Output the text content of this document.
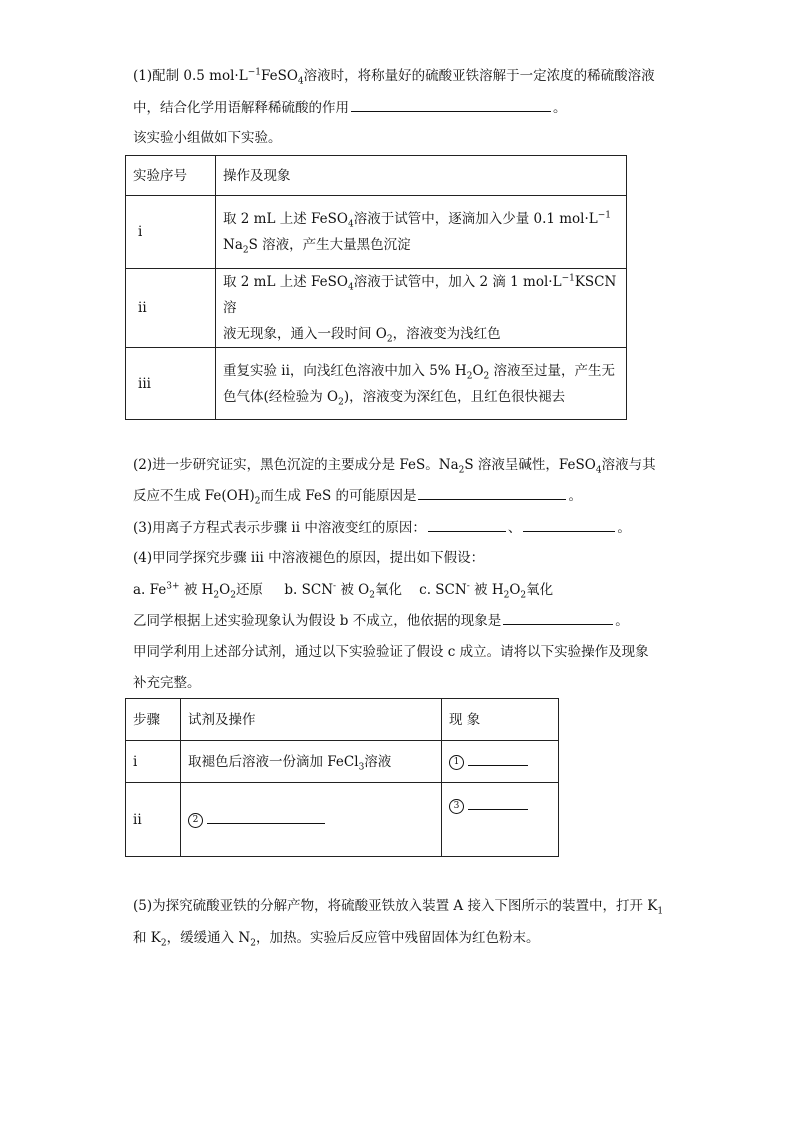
(1)配制 0.5 $mol\cdot L^{-1}FeSO_4$溶液时，将称量好的硫酸亚铁溶解于一定浓度的稀硫酸溶液
中，结合化学用语解释稀硫酸的作用	。
该实验小组做如下实验。
实验序号	操作及现象
i	取 2 mL 上述 FeSO$_4$溶液于试管中，逐滴加入少量 0.1 $mol\cdot L^{-1}$
$Na_2S$ 溶液，产生大量黑色沉淀

ii	取 2 mL 上述 FeSO$_4$溶液于试管中，加入 2 滴 1 $mol\cdot L^{-1}KSCN$ 溶
液无现象，通入一段时间 $O_2$，溶液变为浅红色

iii	重复实验 ii，向浅红色溶液中加入 5% $H_2O_2$ 溶液至过量，产生无
色气体(经检验为 $O_2$)，溶液变为深红色，且红色很快褪去
(2)进一步研究证实，黑色沉淀的主要成分是 FeS。$Na_2S$ 溶液呈碱性，FeSO$_4$溶液与其
反应不生成 $Fe(OH)_2$而生成 FeS 的可能原因是	。
(3)用离子方程式表示步骤 ii 中溶液变红的原因：	、	。
(4)甲同学探究步骤 iii 中溶液褪色的原因，提出如下假设：
a. $Fe^{3+}$ 被 $H_2O_2$还原 b. SCN- 被 $O_2$氧化 c. SCN- 被 $H_2O_2$氧化
乙同学根据上述实验现象认为假设 b 不成立，他依据的现象是	。
甲同学利用上述部分试剂，通过以下实验验证了假设 c 成立。请将以下实验操作及现象
补充完整。
步骤	试剂及操作	现 象
i	取褪色后溶液一份滴加 FeCl$_3$溶液	1
ii	2	3
(5)为探究硫酸亚铁的分解产物，将硫酸亚铁放入装置 A 接入下图所示的装置中，打开 $K_1$
和 $K_2$，缓缓通入 $N_2$，加热。实验后反应管中残留固体为红色粉末。
